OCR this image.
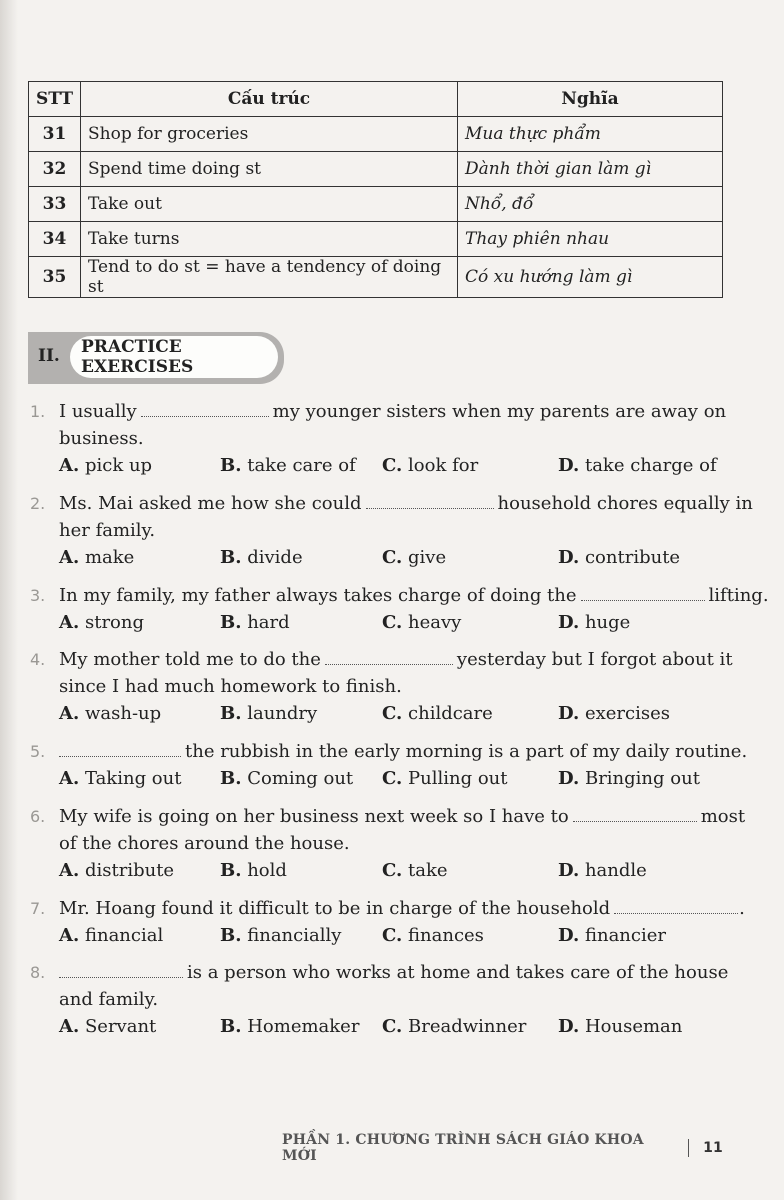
STT	Cấu trúc	Nghĩa
31	Shop for groceries	Mua thực phẩm
32	Spend time doing st	Dành thời gian làm gì
33	Take out	Nhổ, đổ
34	Take turns	Thay phiên nhau
35	Tend to do st = have a tendency of doing st	Có xu hướng làm gì
II.	PRACTICE EXERCISES
1. I usually	my younger sisters when my parents are away on
business.
A. pick up	B. take care of	C. look for	D. take charge of
2. Ms. Mai asked me how she could	household chores equally in
her family.
A. make	B. divide	C. give	D. contribute
3. In my family, my father always takes charge of doing the	lifting.
A. strong	B. hard	C. heavy	D. huge
4. My mother told me to do the	yesterday but I forgot about it
since I had much homework to finish.
A. wash-up	B. laundry	C. childcare	D. exercises
5.	the rubbish in the early morning is a part of my daily routine.
A. Taking out	B. Coming out	C. Pulling out	D. Bringing out
6. My wife is going on her business next week so I have to	most
of the chores around the house.
A. distribute	B. hold	C. take	D. handle
7. Mr. Hoang found it difficult to be in charge of the household	.
A. financial	B. financially	C. finances	D. financier
8.	is a person who works at home and takes care of the house
and family.
A. Servant	B. Homemaker	C. Breadwinner	D. Houseman
PHẦN 1. CHƯƠNG TRÌNH SÁCH GIÁO KHOA MỚI	11
